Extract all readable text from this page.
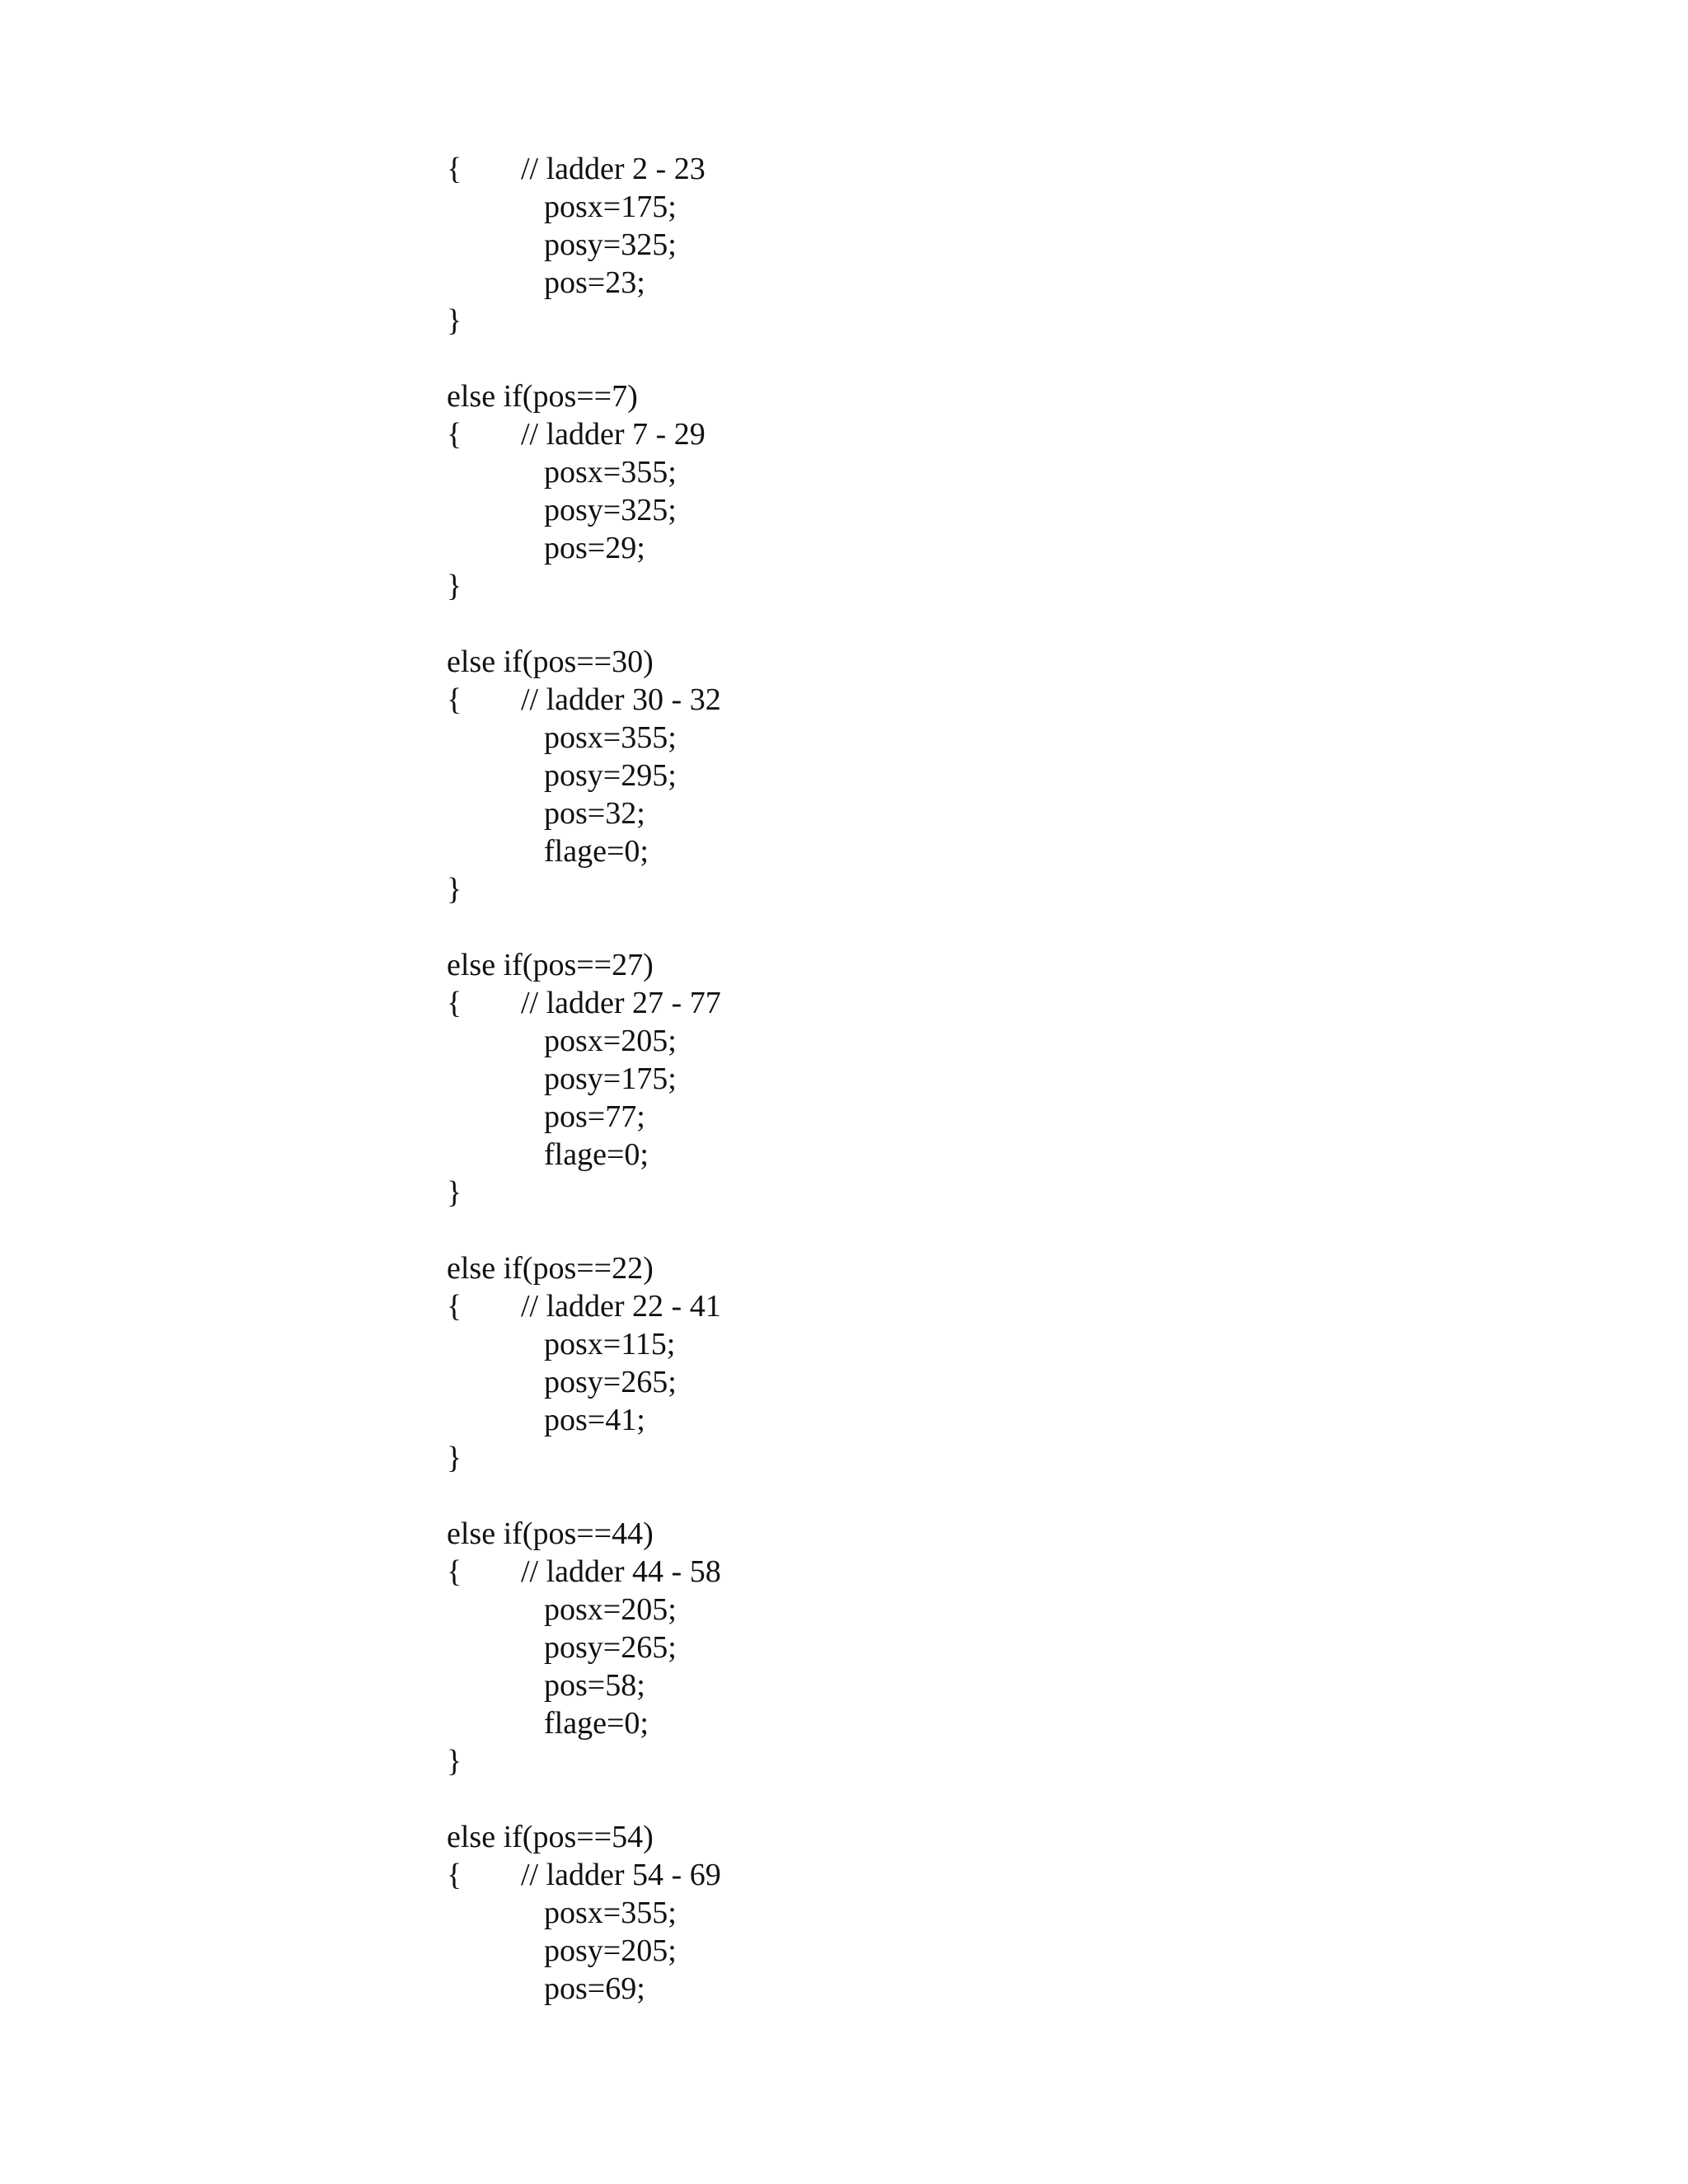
{ // ladder 2 - 23
posx=175;
posy=325;
pos=23;
}
else if(pos==7)
{ // ladder 7 - 29
posx=355;
posy=325;
pos=29;
}
else if(pos==30)
{ // ladder 30 - 32
posx=355;
posy=295;
pos=32;
flage=0;
}
else if(pos==27)
{ // ladder 27 - 77
posx=205;
posy=175;
pos=77;
flage=0;
}
else if(pos==22)
{ // ladder 22 - 41
posx=115;
posy=265;
pos=41;
}
else if(pos==44)
{ // ladder 44 - 58
posx=205;
posy=265;
pos=58;
flage=0;
}
else if(pos==54)
{ // ladder 54 - 69
posx=355;
posy=205;
pos=69;
